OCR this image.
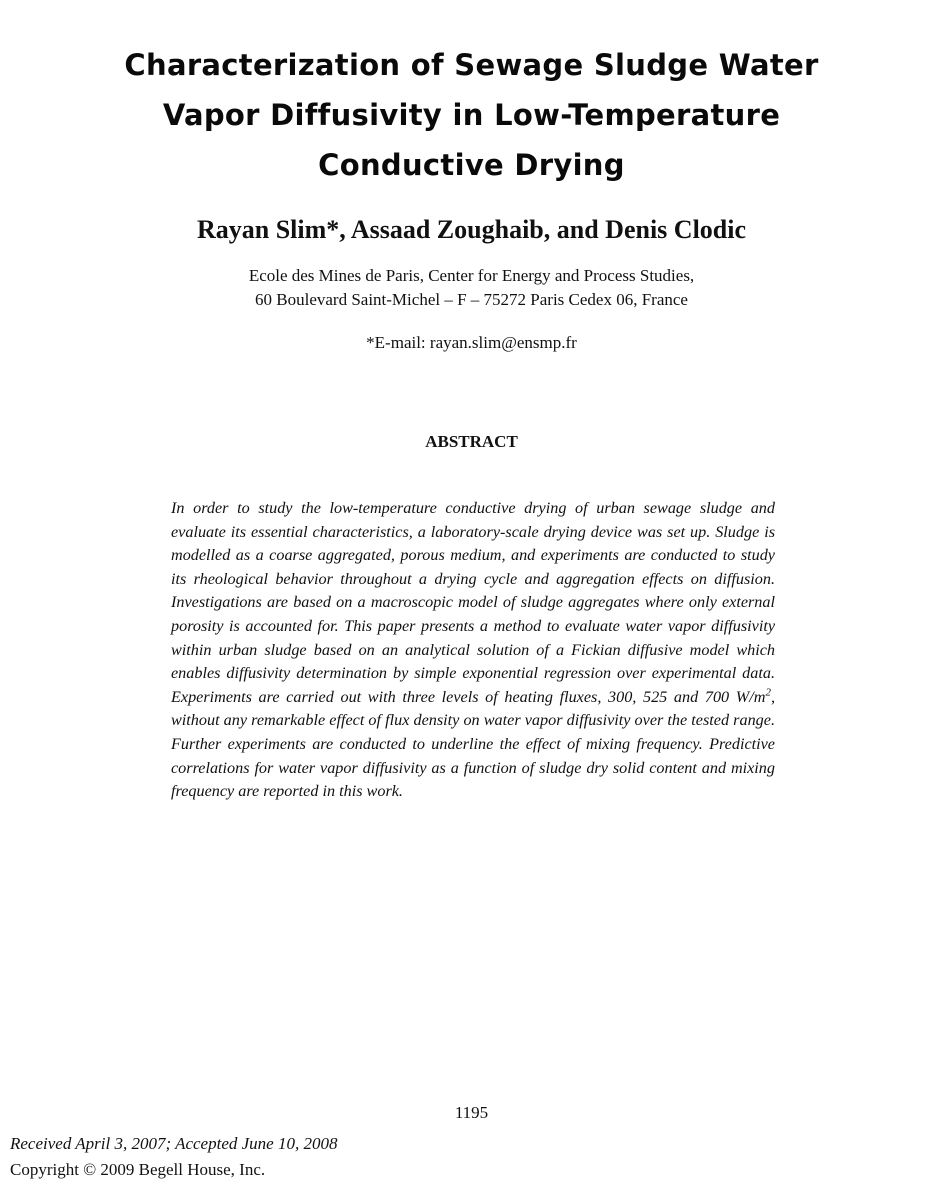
Characterization of Sewage Sludge Water
Vapor Diffusivity in Low-Temperature
Conductive Drying
Rayan Slim*, Assaad Zoughaib, and Denis Clodic
Ecole des Mines de Paris, Center for Energy and Process Studies,
60 Boulevard Saint-Michel – F – 75272 Paris Cedex 06, France
*E-mail: rayan.slim@ensmp.fr
ABSTRACT

In order to study the low-temperature conductive drying of urban sewage sludge and evaluate its essential characteristics, a laboratory-scale drying device was set up. Sludge is modelled as a coarse aggregated, porous medium, and experiments are conducted to study its rheological behavior throughout a drying cycle and aggregation effects on diffusion. Investigations are based on a macroscopic model of sludge aggregates where only external porosity is accounted for. This paper presents a method to evaluate water vapor diffusivity within urban sludge based on an analytical solution of a Fickian diffusive model which enables diffusivity determination by simple exponential regression over experimental data. Experiments are carried out with three levels of heating fluxes, 300, 525 and 700 $W/m^2$, without any remarkable effect of flux density on water vapor diffusivity over the tested range. Further experiments are conducted to underline the effect of mixing frequency. Predictive correlations for water vapor diffusivity as a function of sludge dry solid content and mixing frequency are reported in this work.

1195
Received April 3, 2007; Accepted June 10, 2008
Copyright © 2009 Begell House, Inc.
